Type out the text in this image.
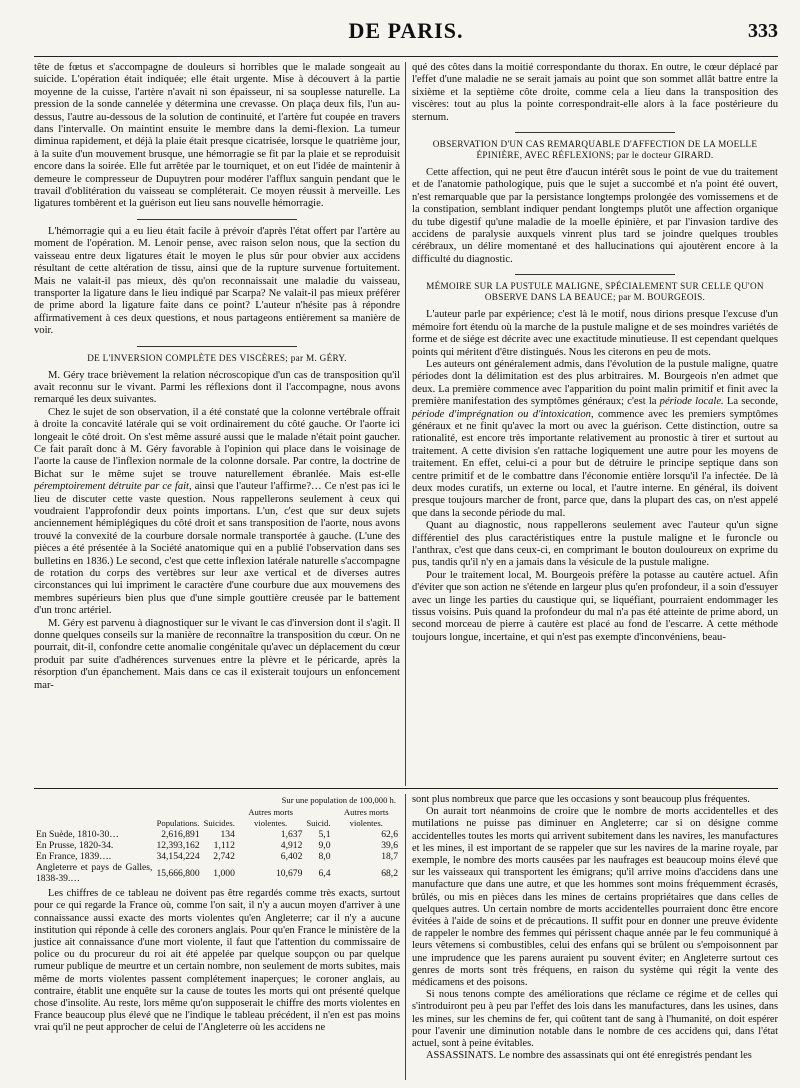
DE PARIS.	333

tête de fœtus et s'accompagne de douleurs si horribles que le malade songeait au suicide. L'opération était indiquée; elle était urgente. Mise à découvert à la partie moyenne de la cuisse, l'artère n'avait ni son épaisseur, ni sa souplesse naturelle. La pression de la sonde cannelée y détermina une crevasse. On plaça deux fils, l'un au-dessus, l'autre au-dessous de la solution de continuité, et l'artère fut coupée en travers dans l'intervalle. On maintint ensuite le membre dans la demi-flexion. La tumeur diminua rapidement, et déjà la plaie était presque cicatrisée, lorsque le quatrième jour, à la suite d'un mouvement brusque, une hémorragie se fit par la plaie et se reproduisit encore dans la soirée. Elle fut arrêtée par le tourniquet, et on eut l'idée de maintenir à demeure le compresseur de Dupuytren pour modérer l'afflux sanguin pendant que le travail d'oblitération du vaisseau se compléterait. Ce moyen réussit à merveille. Les ligatures tombèrent et la guérison eut lieu sans nouvelle hémorragie.

L'hémorragie qui a eu lieu était facile à prévoir d'après l'état offert par l'artère au moment de l'opération. M. Lenoir pense, avec raison selon nous, que la section du vaisseau entre deux ligatures était le moyen le plus sûr pour obvier aux accidens résultant de cette altération de tissu, ainsi que de la rupture survenue fortuitement. Mais ne valait-il pas mieux, dès qu'on reconnaissait une maladie du vaisseau, transporter la ligature dans le lieu indiqué par Scarpa? Ne valait-il pas mieux préférer de prime abord la ligature faite dans ce point? L'auteur n'hésite pas à répondre affirmativement à ces deux questions, et nous partageons entièrement sa manière de voir.

DE L'INVERSION COMPLÈTE DES VISCÈRES; par M. GÉRY.

M. Géry trace brièvement la relation nécroscopique d'un cas de transposition qu'il avait reconnu sur le vivant. Parmi les réflexions dont il l'accompagne, nous avons remarqué les deux suivantes.

Chez le sujet de son observation, il a été constaté que la colonne vertébrale offrait à droite la concavité latérale qui se voit ordinairement du côté gauche. Or l'aorte ici longeait le côté droit. On s'est même assuré aussi que le malade n'était point gaucher. Ce fait paraît donc à M. Géry favorable à l'opinion qui place dans le voisinage de l'aorte la cause de l'inflexion normale de la colonne dorsale. Par contre, la doctrine de Bichat sur le même sujet se trouve naturellement ébranlée. Mais est-elle péremptoirement détruite par ce fait, ainsi que l'auteur l'affirme?… Ce n'est pas ici le lieu de discuter cette vaste question. Nous rappellerons seulement à ceux qui voudraient l'approfondir deux points importans. L'un, c'est que sur deux sujets anciennement hémiplégiques du côté droit et sans transposition de l'aorte, nous avons trouvé la convexité de la courbure dorsale normale transportée à gauche. (L'une des pièces a été présentée à la Société anatomique qui en a publié l'observation dans ses bulletins en 1836.) Le second, c'est que cette inflexion latérale naturelle s'accompagne de rotation du corps des vertèbres sur leur axe vertical et de diverses autres circonstances qui lui impriment le caractère d'une courbure due aux mouvemens des membres supérieurs bien plus que d'une simple gouttière creusée par le battement d'un tronc artériel.

M. Géry est parvenu à diagnostiquer sur le vivant le cas d'inversion dont il s'agit. Il donne quelques conseils sur la manière de reconnaître la transposition du cœur. On ne pourrait, dit-il, confondre cette anomalie congénitale qu'avec un déplacement du cœur produit par suite d'adhérences survenues entre la plèvre et le péricarde, après la résorption d'un épanchement. Mais dans ce cas il existerait toujours un enfoncement mar-

qué des côtes dans la moitié correspondante du thorax. En outre, le cœur déplacé par l'effet d'une maladie ne se serait jamais au point que son sommet allât battre entre la sixième et la septième côte droite, comme cela a lieu dans la transposition des viscères: tout au plus la pointe correspondrait-elle alors à la face postérieure du sternum.

OBSERVATION D'UN CAS REMARQUABLE D'AFFECTION DE LA MOELLE ÉPINIÈRE, AVEC RÉFLEXIONS; par le docteur GIRARD.

Cette affection, qui ne peut être d'aucun intérêt sous le point de vue du traitement et de l'anatomie pathologique, puis que le sujet a succombé et n'a point été ouvert, n'est remarquable que par la persistance longtemps prolongée des vomissemens et de la constipation, semblant indiquer pendant longtemps plutôt une affection organique du tube digestif qu'une maladie de la moelle épinière, et par l'invasion tardive des accidens de paralysie auxquels vinrent plus tard se joindre quelques troubles cérébraux, un délire momentané et des hallucinations qui ajoutèrent encore à la difficulté du diagnostic.

MÉMOIRE SUR LA PUSTULE MALIGNE, SPÉCIALEMENT SUR CELLE QU'ON OBSERVE DANS LA BEAUCE; par M. BOURGEOIS.

L'auteur parle par expérience; c'est là le motif, nous dirions presque l'excuse d'un mémoire fort étendu où la marche de la pustule maligne et de ses moindres variétés de forme et de siége est décrite avec une exactitude minutieuse. Il est cependant quelques points qui méritent d'être distingués. Nous les citerons en peu de mots.

Les auteurs ont généralement admis, dans l'évolution de la pustule maligne, quatre périodes dont la délimitation est des plus arbitraires. M. Bourgeois n'en admet que deux. La première commence avec l'apparition du point malin primitif et finit avec la première manifestation des symptômes généraux; c'est la période locale. La seconde, période d'imprégnation ou d'intoxication, commence avec les premiers symptômes généraux et ne finit qu'avec la mort ou avec la guérison. Cette distinction, outre sa rationalité, est encore très importante relativement au pronostic à tirer et surtout au traitement. A cette division s'en rattache logiquement une autre pour les moyens de traitement. En effet, celui-ci a pour but de détruire le principe septique dans son centre primitif et de le combattre dans l'économie entière lorsqu'il l'a infectée. De là deux modes curatifs, un externe ou local, et l'autre interne. En général, ils doivent presque toujours marcher de front, parce que, dans la plupart des cas, on n'est appelé que dans la seconde période du mal.

Quant au diagnostic, nous rappellerons seulement avec l'auteur qu'un signe différentiel des plus caractéristiques entre la pustule maligne et le furoncle ou l'anthrax, c'est que dans ceux-ci, en comprimant le bouton douloureux on exprime du pus, tandis qu'il n'y en a jamais dans la vésicule de la pustule maligne.

Pour le traitement local, M. Bourgeois préfère la potasse au cautère actuel. Afin d'éviter que son action ne s'étende en largeur plus qu'en profondeur, il a soin d'essuyer avec un linge les parties du caustique qui, se liquéfiant, pourraient endommager les tissus voisins. Puis quand la profondeur du mal n'a pas été atteinte de prime abord, un second morceau de pierre à cautère est placé au fond de l'escarre. A cette méthode toujours longue, incertaine, et qui n'est pas exempte d'inconvéniens, beau-

Sur une population de 100,000 h.
	Populations.	Suicides.	Autres morts violentes.	Suicid.	Autres morts violentes.
En Suède, 1810-30…	2,616,891	134	1,637	5,1	62,6
En Prusse, 1820-34.	12,393,162	1,112	4,912	9,0	39,6
En France, 1839….	34,154,224	2,742	6,402	8,0	18,7
Angleterre et pays de Galles, 1838-39.…	15,666,800	1,000	10,679	6,4	68,2

Les chiffres de ce tableau ne doivent pas être regardés comme très exacts, surtout pour ce qui regarde la France où, comme l'on sait, il n'y a aucun moyen d'arriver à une connaissance aussi exacte des morts violentes qu'en Angleterre; car il n'y a aucune institution qui réponde à celle des coroners anglais. Pour qu'en France le ministère de la justice ait connaissance d'une mort violente, il faut que l'attention du commissaire de police ou du procureur du roi ait été appelée par quelque soupçon ou par quelque rumeur publique de meurtre et un certain nombre, non seulement de morts subites, mais même de morts violentes passent complétement inaperçues; le coroner anglais, au contraire, établit une enquête sur la cause de toutes les morts qui ont présenté quelque chose d'insolite. Au reste, lors même qu'on supposerait le chiffre des morts violentes en France beaucoup plus élevé que ne l'indique le tableau précédent, il n'en est pas moins vrai qu'il ne peut approcher de celui de l'Angleterre où les accidens ne

sont plus nombreux que parce que les occasions y sont beaucoup plus fréquentes.

On aurait tort néanmoins de croire que le nombre de morts accidentelles et des mutilations ne puisse pas diminuer en Angleterre; car si on désigne comme accidentelles toutes les morts qui arrivent subitement dans les navires, les manufactures et les mines, il est important de se rappeler que sur les navires de la marine royale, par exemple, le nombre des morts causées par les naufrages est beaucoup moins élevé que sur les vaisseaux qui transportent les émigrans; qu'il arrive moins d'accidens dans une manufacture que dans une autre, et que les hommes sont moins fréquemment écrasés, brûlés, ou mis en pièces dans les mines de certains propriétaires que dans celles de quelques autres. Un certain nombre de morts accidentelles pourraient donc être encore évitées à l'aide de soins et de précautions. Il suffit pour en donner une preuve évidente de rappeler le nombre des femmes qui périssent chaque année par le feu communiqué à leurs vêtemens si combustibles, celui des enfans qui se brûlent ou s'empoisonnent par une imprudence que les parens auraient pu souvent éviter; en Angleterre surtout ces genres de morts sont très fréquens, en raison du système qui régit la vente des médicamens et des poisons.

Si nous tenons compte des améliorations que réclame ce régime et de celles qui s'introduiront peu à peu par l'effet des lois dans les manufactures, dans les usines, dans les mines, sur les chemins de fer, qui coûtent tant de sang à l'humanité, on doit espérer pour l'avenir une diminution notable dans le nombre de ces accidens qui, dans l'état actuel, sont à peine évitables.

ASSASSINATS. Le nombre des assassinats qui ont été enregistrés pendant les
